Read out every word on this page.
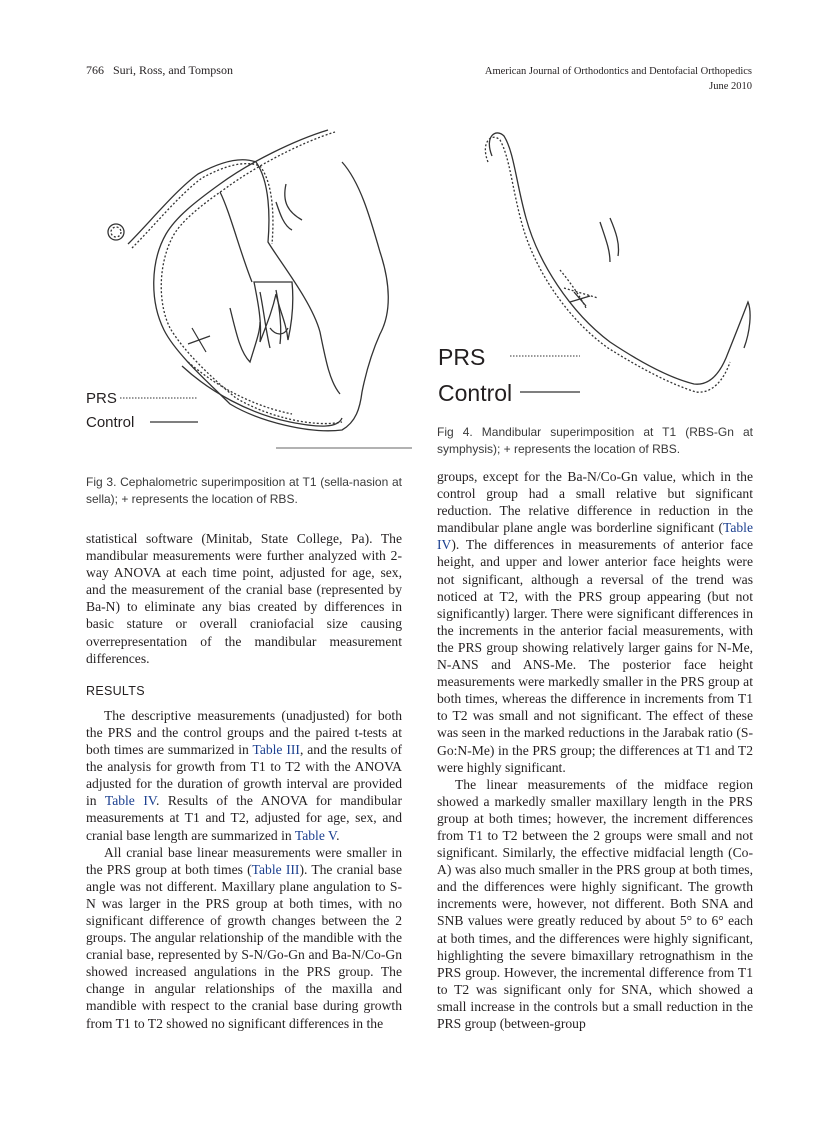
766 Suri, Ross, and Tompson	American Journal of Orthodontics and Dentofacial Orthopedics
June 2010
PRS
Control
PRS
Control
Fig 3. Cephalometric superimposition at T1 (sella-nasion at sella); + represents the location of RBS.
Fig 4. Mandibular superimposition at T1 (RBS-Gn at symphysis); + represents the location of RBS.

statistical software (Minitab, State College, Pa). The mandibular measurements were further analyzed with 2-way ANOVA at each time point, adjusted for age, sex, and the measurement of the cranial base (represented by Ba-N) to eliminate any bias created by differences in basic stature or overall craniofacial size causing overrepresentation of the mandibular measurement differences.

RESULTS

The descriptive measurements (unadjusted) for both the PRS and the control groups and the paired t-tests at both times are summarized in Table III, and the results of the analysis for growth from T1 to T2 with the ANOVA adjusted for the duration of growth interval are provided in Table IV. Results of the ANOVA for mandibular measurements at T1 and T2, adjusted for age, sex, and cranial base length are summarized in Table V.

All cranial base linear measurements were smaller in the PRS group at both times (Table III). The cranial base angle was not different. Maxillary plane angulation to S-N was larger in the PRS group at both times, with no significant difference of growth changes between the 2 groups. The angular relationship of the mandible with the cranial base, represented by S-N/Go-Gn and Ba-N/Co-Gn showed increased angulations in the PRS group. The change in angular relationships of the maxilla and mandible with respect to the cranial base during growth from T1 to T2 showed no significant differences in the

groups, except for the Ba-N/Co-Gn value, which in the control group had a small relative but significant reduction. The relative difference in reduction in the mandibular plane angle was borderline significant (Table IV). The differences in measurements of anterior face height, and upper and lower anterior face heights were not significant, although a reversal of the trend was noticed at T2, with the PRS group appearing (but not significantly) larger. There were significant differences in the increments in the anterior facial measurements, with the PRS group showing relatively larger gains for N-Me, N-ANS and ANS-Me. The posterior face height measurements were markedly smaller in the PRS group at both times, whereas the difference in increments from T1 to T2 was small and not significant. The effect of these was seen in the marked reductions in the Jarabak ratio (S-Go:N-Me) in the PRS group; the differences at T1 and T2 were highly significant.

The linear measurements of the midface region showed a markedly smaller maxillary length in the PRS group at both times; however, the increment differences from T1 to T2 between the 2 groups were small and not significant. Similarly, the effective midfacial length (Co-A) was also much smaller in the PRS group at both times, and the differences were highly significant. The growth increments were, however, not different. Both SNA and SNB values were greatly reduced by about 5° to 6° each at both times, and the differences were highly significant, highlighting the severe bimaxillary retrognathism in the PRS group. However, the incremental difference from T1 to T2 was significant only for SNA, which showed a small increase in the controls but a small reduction in the PRS group (between-group
